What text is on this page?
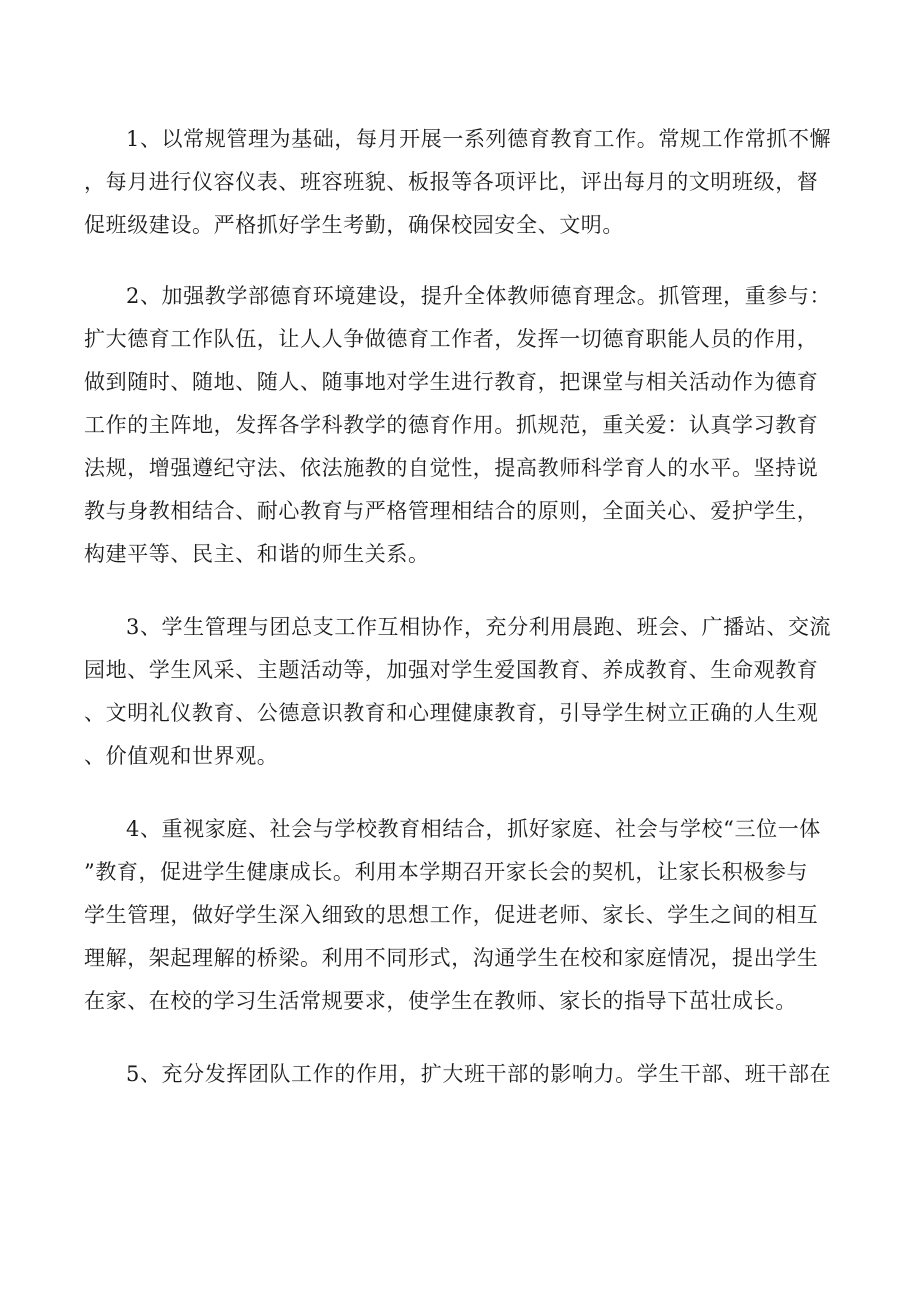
1、以常规管理为基础，每月开展一系列德育教育工作。常规工作常抓不懈
，每月进行仪容仪表、班容班貌、板报等各项评比，评出每月的文明班级，督
促班级建设。严格抓好学生考勤，确保校园安全、文明。
2、加强教学部德育环境建设，提升全体教师德育理念。抓管理，重参与：
扩大德育工作队伍，让人人争做德育工作者，发挥一切德育职能人员的作用，
做到随时、随地、随人、随事地对学生进行教育，把课堂与相关活动作为德育
工作的主阵地，发挥各学科教学的德育作用。抓规范，重关爱：认真学习教育
法规，增强遵纪守法、依法施教的自觉性，提高教师科学育人的水平。坚持说
教与身教相结合、耐心教育与严格管理相结合的原则，全面关心、爱护学生，
构建平等、民主、和谐的师生关系。
3、学生管理与团总支工作互相协作，充分利用晨跑、班会、广播站、交流
园地、学生风采、主题活动等，加强对学生爱国教育、养成教育、生命观教育
、文明礼仪教育、公德意识教育和心理健康教育，引导学生树立正确的人生观
、价值观和世界观。
4、重视家庭、社会与学校教育相结合，抓好家庭、社会与学校“三位一体
”教育，促进学生健康成长。利用本学期召开家长会的契机，让家长积极参与
学生管理，做好学生深入细致的思想工作，促进老师、家长、学生之间的相互
理解，架起理解的桥梁。利用不同形式，沟通学生在校和家庭情况，提出学生
在家、在校的学习生活常规要求，使学生在教师、家长的指导下茁壮成长。
5、充分发挥团队工作的作用，扩大班干部的影响力。学生干部、班干部在
